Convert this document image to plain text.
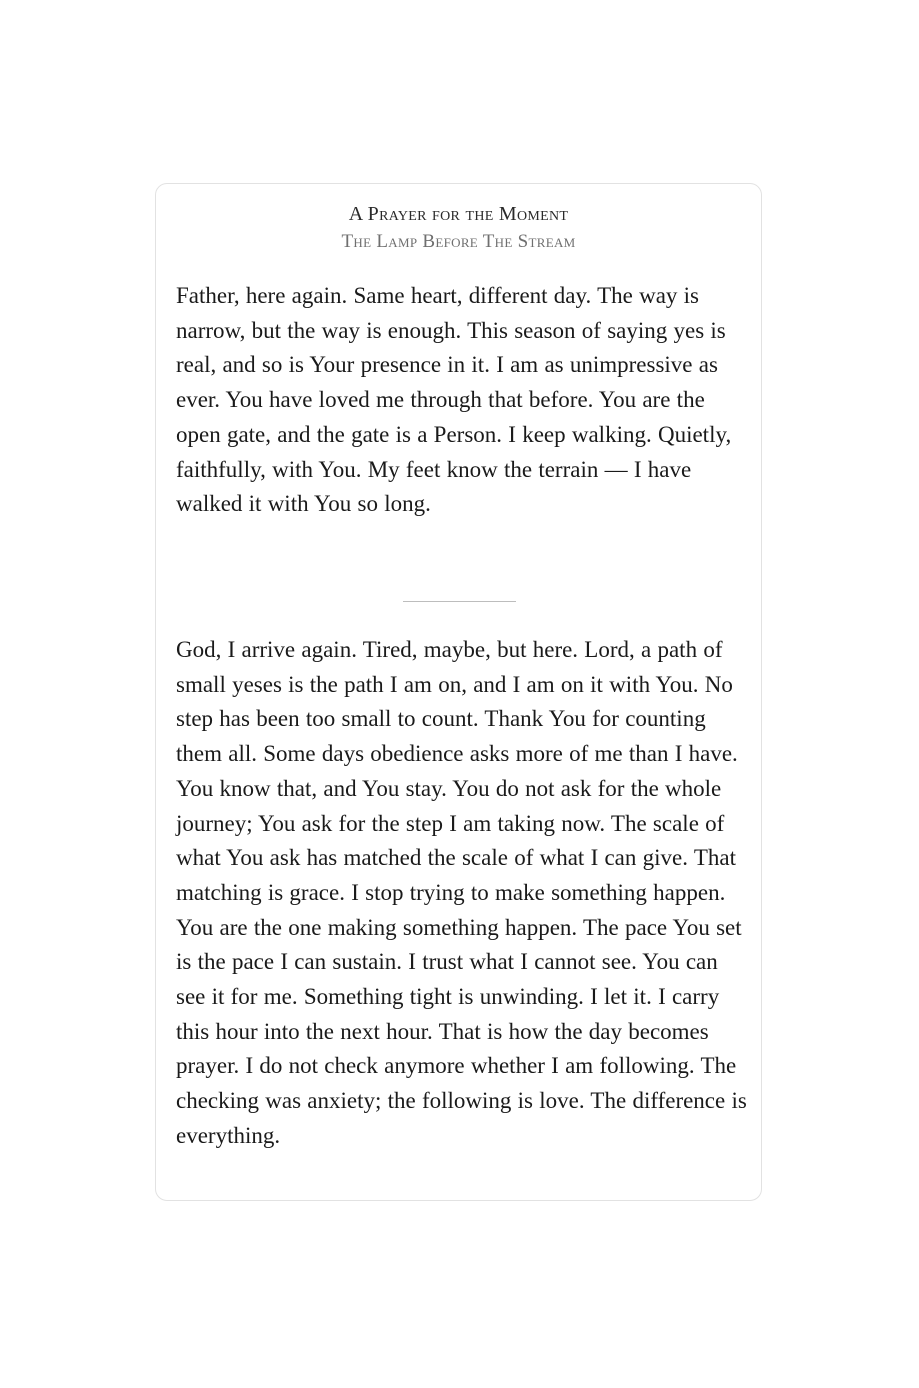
A Prayer for the Moment
The Lamp Before The Stream

Father, here again. Same heart, different day. The way is narrow, but the way is enough. This season of saying yes is real, and so is Your presence in it. I am as unimpressive as ever. You have loved me through that before. You are the open gate, and the gate is a Person. I keep walking. Quietly, faithfully, with You. My feet know the terrain — I have walked it with You so long.

God, I arrive again. Tired, maybe, but here. Lord, a path of small yeses is the path I am on, and I am on it with You. No step has been too small to count. Thank You for counting them all. Some days obedience asks more of me than I have. You know that, and You stay. You do not ask for the whole journey; You ask for the step I am taking now. The scale of what You ask has matched the scale of what I can give. That matching is grace. I stop trying to make something happen. You are the one making something happen. The pace You set is the pace I can sustain. I trust what I cannot see. You can see it for me. Something tight is unwinding. I let it. I carry this hour into the next hour. That is how the day becomes prayer. I do not check anymore whether I am following. The checking was anxiety; the following is love. The difference is everything.
